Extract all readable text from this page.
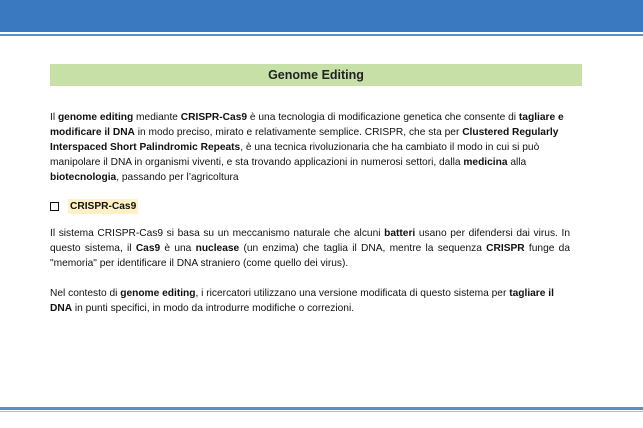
Genome Editing

Il genome editing mediante CRISPR-Cas9 è una tecnologia di modificazione genetica che consente di tagliare e modificare il DNA in modo preciso, mirato e relativamente semplice. CRISPR, che sta per Clustered Regularly Interspaced Short Palindromic Repeats, è una tecnica rivoluzionaria che ha cambiato il modo in cui si può manipolare il DNA in organismi viventi, e sta trovando applicazioni in numerosi settori, dalla medicina alla biotecnologia, passando per l’agricoltura

CRISPR-Cas9

Il sistema CRISPR-Cas9 si basa su un meccanismo naturale che alcuni batteri usano per difendersi dai virus. In questo sistema, il Cas9 è una nuclease (un enzima) che taglia il DNA, mentre la sequenza CRISPR funge da "memoria" per identificare il DNA straniero (come quello dei virus).

Nel contesto di genome editing, i ricercatori utilizzano una versione modificata di questo sistema per tagliare il DNA in punti specifici, in modo da introdurre modifiche o correzioni.
